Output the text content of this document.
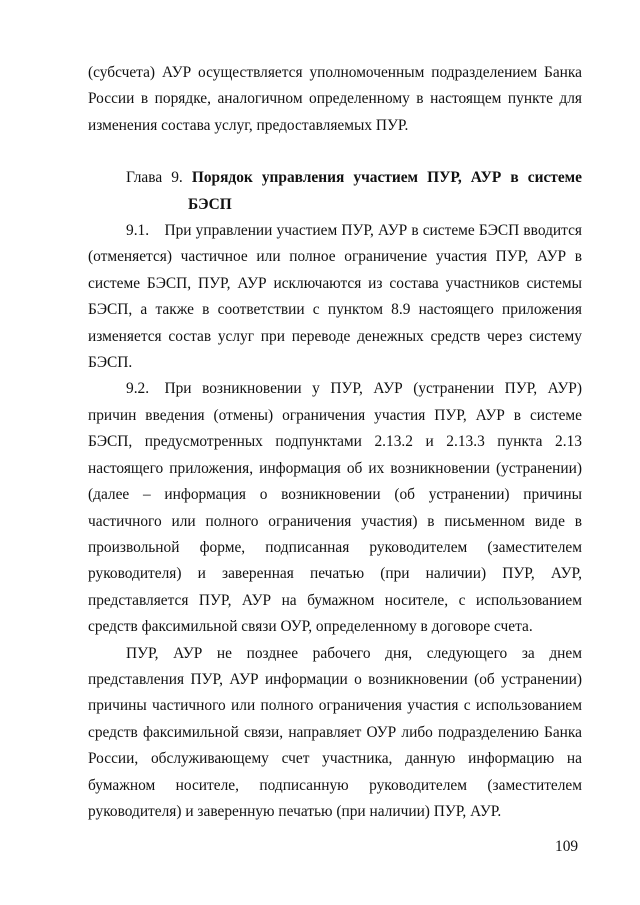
(субсчета) АУР осуществляется уполномоченным подразделением Банка России в порядке, аналогичном определенному в настоящем пункте для изменения состава услуг, предоставляемых ПУР.

Глава 9. Порядок управления участием ПУР, АУР в системе БЭСП

9.1. При управлении участием ПУР, АУР в системе БЭСП вводится (отменяется) частичное или полное ограничение участия ПУР, АУР в системе БЭСП, ПУР, АУР исключаются из состава участников системы БЭСП, а также в соответствии с пунктом 8.9 настоящего приложения изменяется состав услуг при переводе денежных средств через систему БЭСП.

9.2. При возникновении у ПУР, АУР (устранении ПУР, АУР) причин введения (отмены) ограничения участия ПУР, АУР в системе БЭСП, предусмотренных подпунктами 2.13.2 и 2.13.3 пункта 2.13 настоящего приложения, информация об их возникновении (устранении) (далее – информация о возникновении (об устранении) причины частичного или полного ограничения участия) в письменном виде в произвольной форме, подписанная руководителем (заместителем руководителя) и заверенная печатью (при наличии) ПУР, АУР, представляется ПУР, АУР на бумажном носителе, с использованием средств факсимильной связи ОУР, определенному в договоре счета.

ПУР, АУР не позднее рабочего дня, следующего за днем представления ПУР, АУР информации о возникновении (об устранении) причины частичного или полного ограничения участия с использованием средств факсимильной связи, направляет ОУР либо подразделению Банка России, обслуживающему счет участника, данную информацию на бумажном носителе, подписанную руководителем (заместителем руководителя) и заверенную печатью (при наличии) ПУР, АУР.

109
